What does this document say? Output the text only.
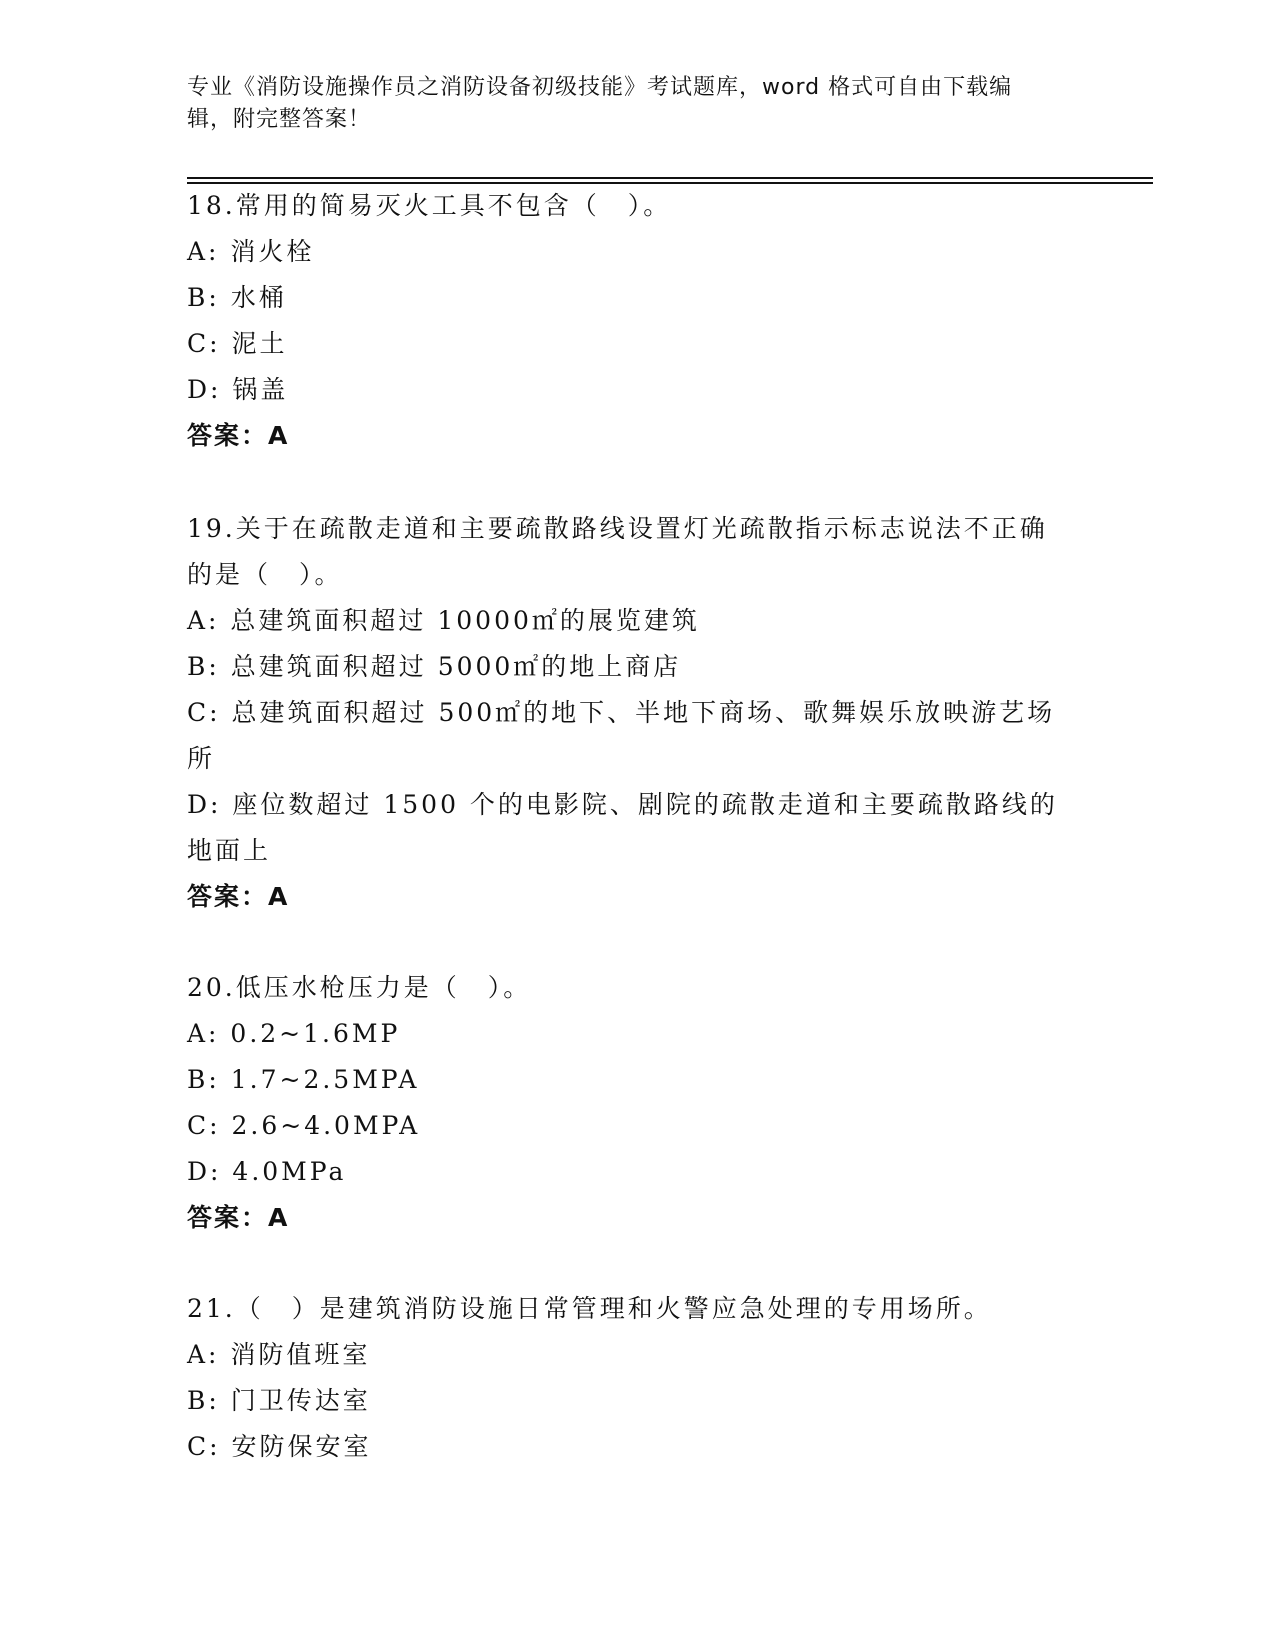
专业《消防设施操作员之消防设备初级技能》考试题库，word 格式可自由下载编
辑，附完整答案！
18.常用的简易灭火工具不包含（　）。
A: 消火栓
B: 水桶
C: 泥土
D: 锅盖
答案：A
19.关于在疏散走道和主要疏散路线设置灯光疏散指示标志说法不正确
的是（　）。
A: 总建筑面积超过 10000㎡的展览建筑
B: 总建筑面积超过 5000㎡的地上商店
C: 总建筑面积超过 500㎡的地下、半地下商场、歌舞娱乐放映游艺场
所
D: 座位数超过 1500 个的电影院、剧院的疏散走道和主要疏散路线的
地面上
答案：A
20.低压水枪压力是（　）。
A: 0.2~1.6MP
B: 1.7~2.5MPA
C: 2.6~4.0MPA
D: 4.0MPa
答案：A
21.（　）是建筑消防设施日常管理和火警应急处理的专用场所。
A: 消防值班室
B: 门卫传达室
C: 安防保安室
